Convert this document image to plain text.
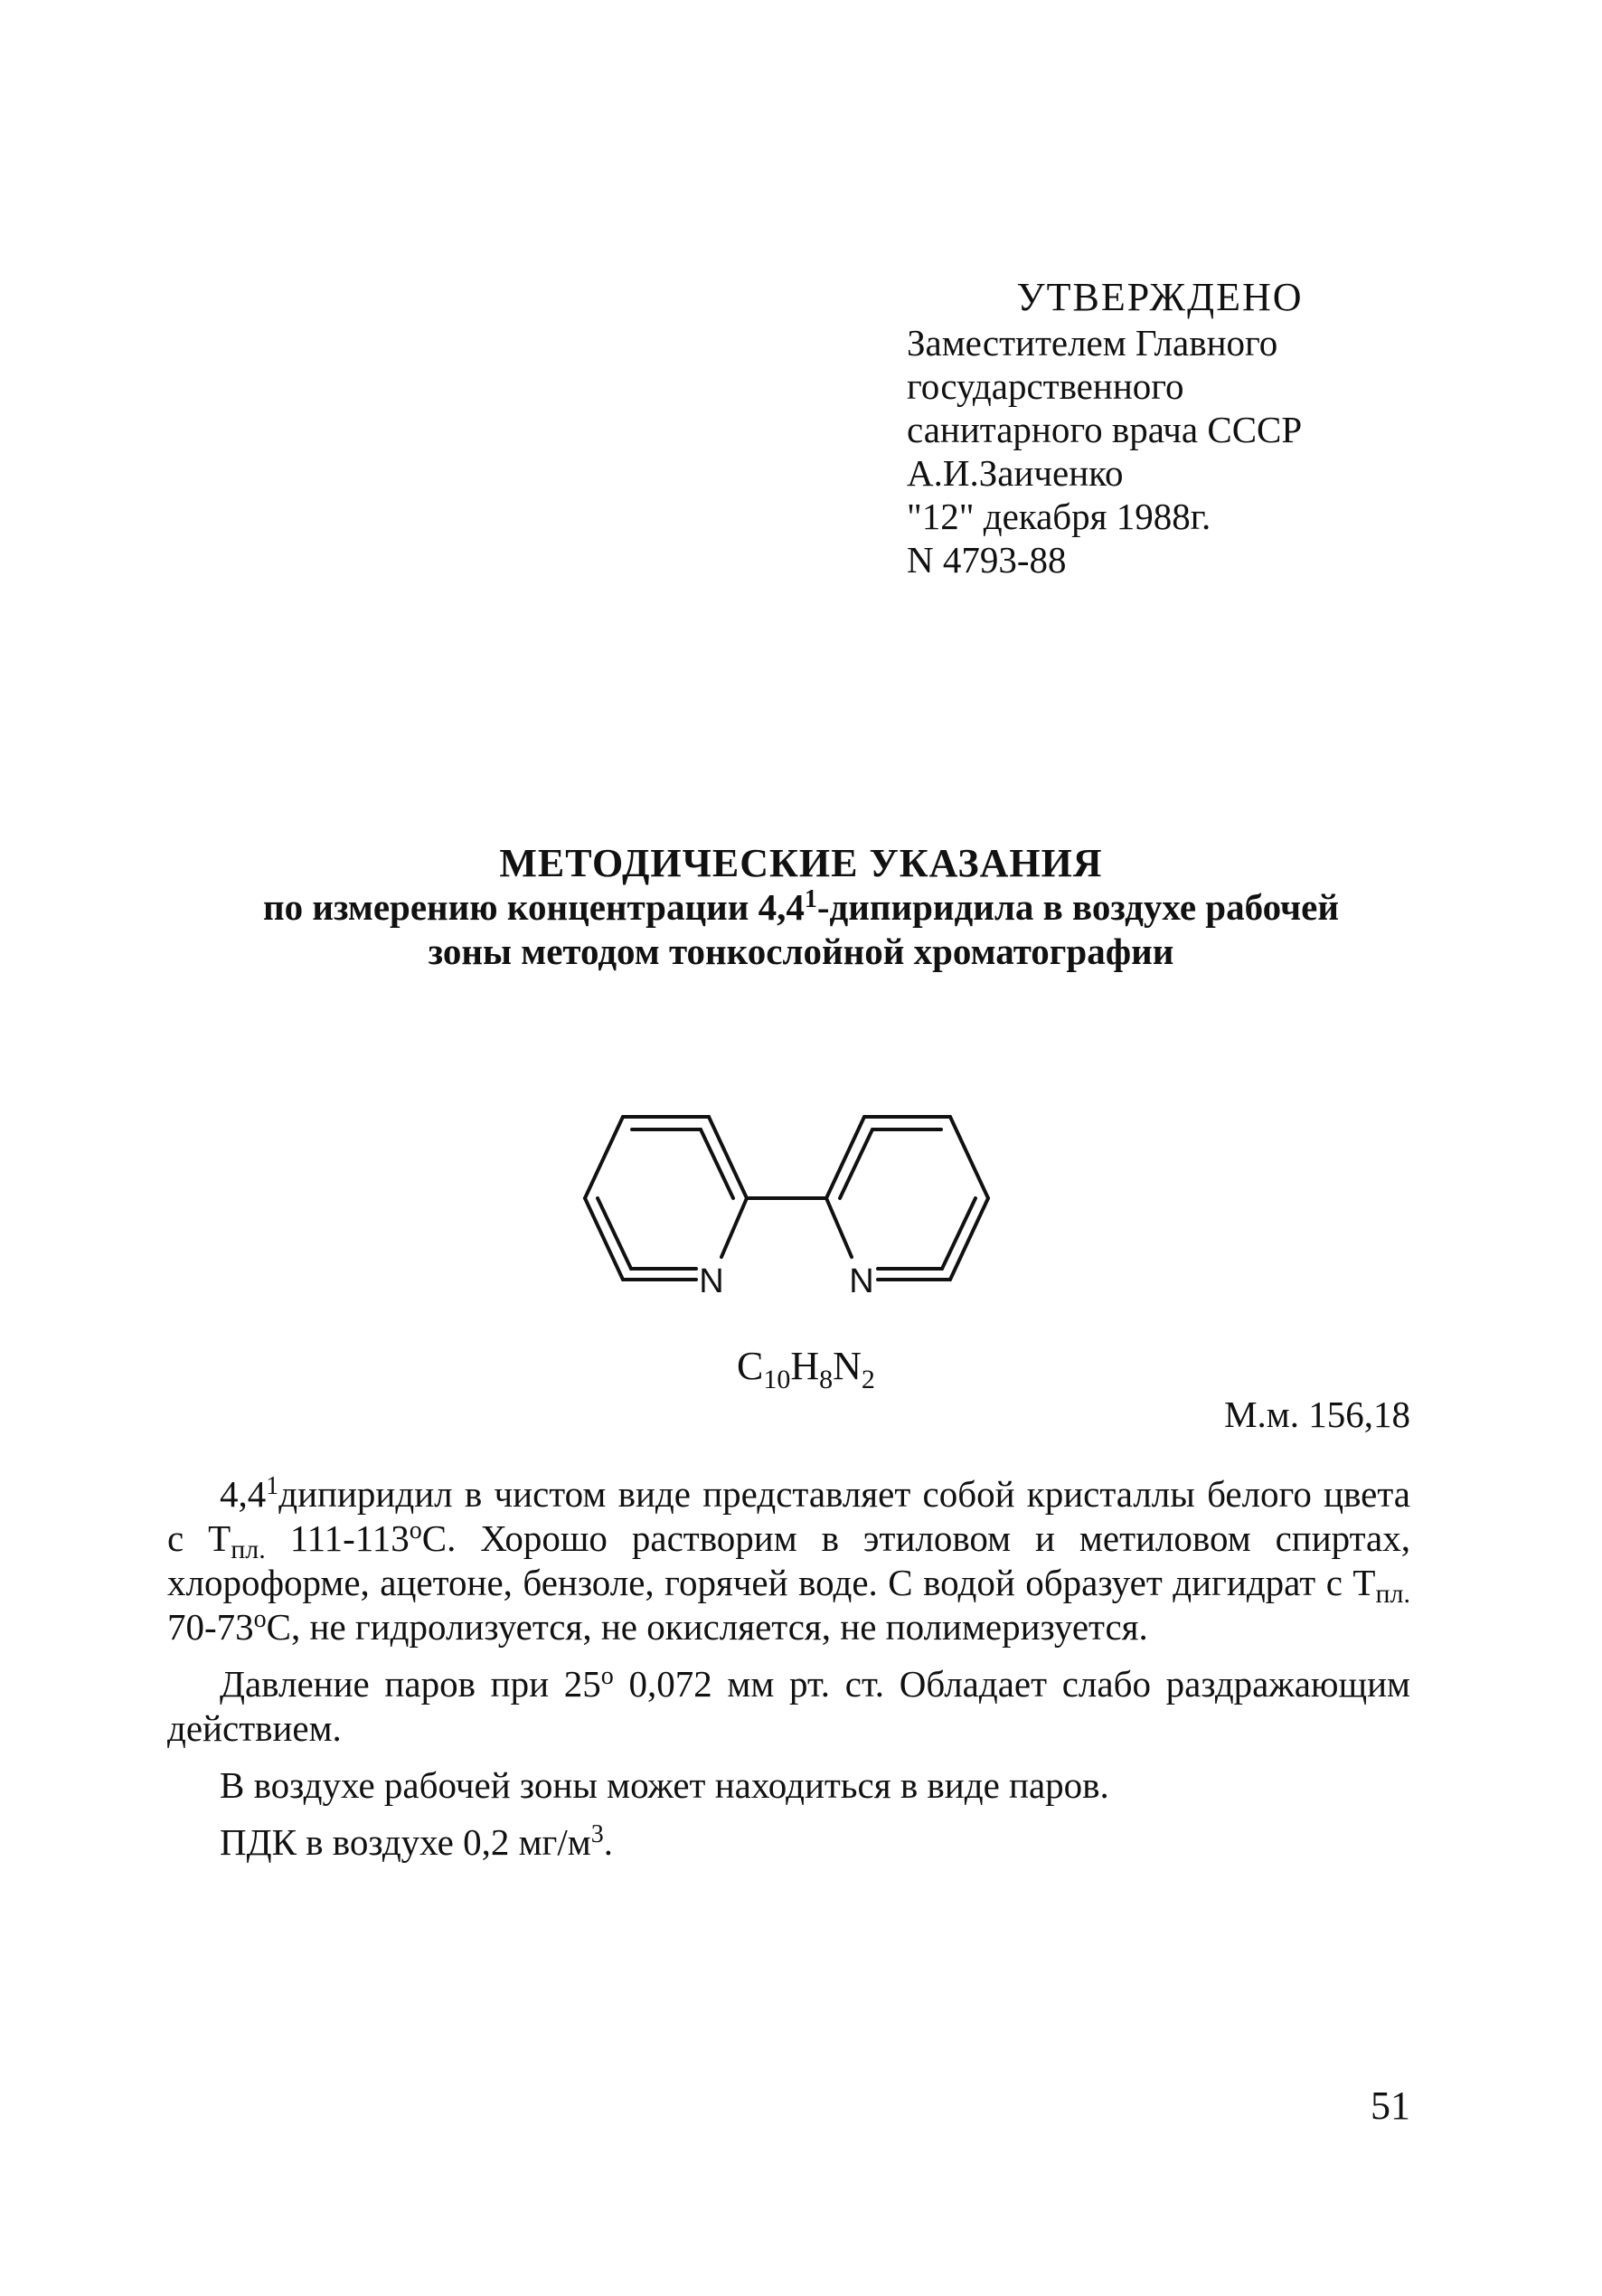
УТВЕРЖДЕНО
Заместителем Главного
государственного
санитарного врача СССР
А.И.Заиченко
"12" декабря 1988г.
N 4793-88
МЕТОДИЧЕСКИЕ УКАЗАНИЯ
по измерению концентрации $4,4^1$-дипиридила в воздухе рабочей
зоны методом тонкослойной хроматографии
N	N
$C_{10}H_8N_2$
М.м. 156,18

$4,4^1дипиридил$ в чистом виде представляет собой кристаллы белого цвета с Тпл. $111-113^оС$. Хорошо растворим в этиловом и метиловом спиртах, хлороформе, ацетоне, бензоле, горячей воде. С водой образует дигидрат с Тпл. $70-73^оС$, не гидролизуется, не окисляется, не полимеризуется.

Давление паров при $25^о$ 0,072 мм рт. ст. Обладает слабо раздражающим действием.

В воздухе рабочей зоны может находиться в виде паров.

ПДК в воздухе 0,2 $мг/м^3$.

51
